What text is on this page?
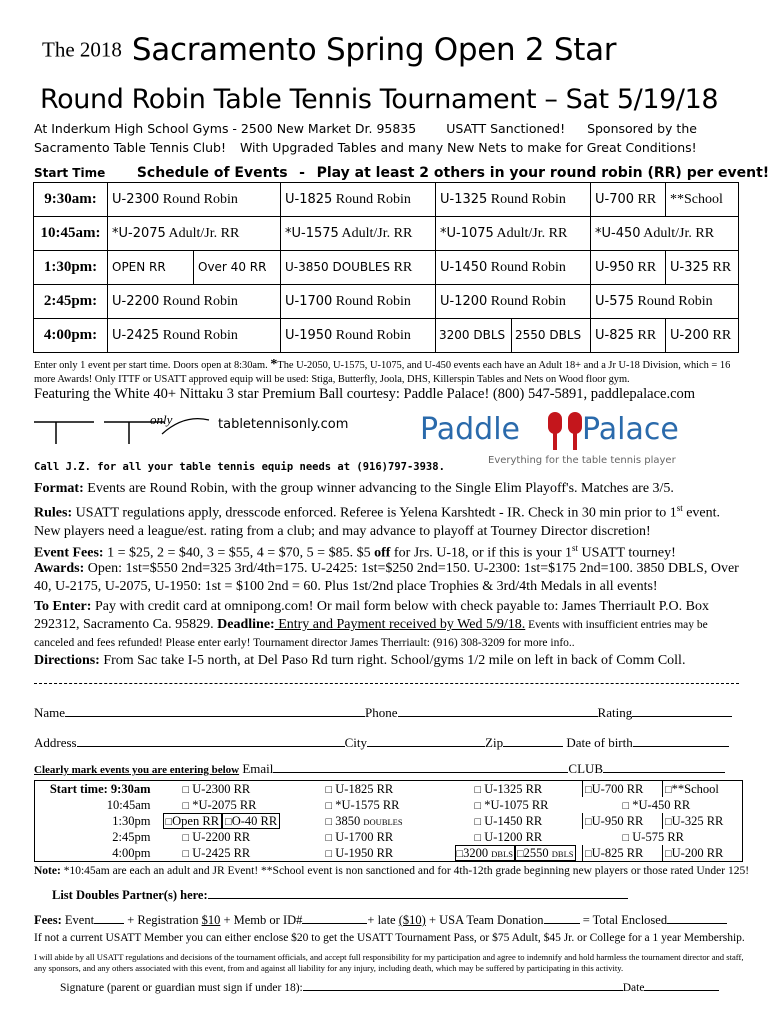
The 2018 Sacramento Spring Open 2 Star
Round Robin Table Tennis Tournament – Sat 5/19/18
At Inderkum High School Gyms - 2500 New Market Dr. 95835 USATT Sanctioned! Sponsored by the
Sacramento Table Tennis Club! With Upgraded Tables and many New Nets to make for Great Conditions!
Start Time Schedule of Events - Play at least 2 others in your round robin (RR) per event!
9:30am:	U-2300 Round Robin		U-1825 Round Robin	U-1325 Round Robin	U-700 RR	**School
10:45am:	*U-2075 Adult/Jr. RR		*U-1575 Adult/Jr. RR	*U-1075 Adult/Jr. RR	*U-450 Adult/Jr. RR	
1:30pm:	OPEN RR	Over 40 RR	U-3850 DOUBLES RR	U-1450 Round Robin	U-950 RR	U-325 RR
2:45pm:	U-2200 Round Robin		U-1700 Round Robin	U-1200 Round Robin	U-575 Round Robin	
4:00pm:	U-2425 Round Robin		U-1950 Round Robin	3200 DBLS 2550 DBLS	U-825 RR	U-200 RR
Enter only 1 event per start time. Doors open at 8:30am. *The U-2050, U-1575, U-1075, and U-450 events each have an Adult 18+ and a Jr U-18 Division, which = 16 more Awards! Only ITTF or USATT approved equip will be used: Stiga, Butterfly, Joola, DHS, Killerspin Tables and Nets on Wood floor gym.
Featuring the White 40+ Nittaku 3 star Premium Ball courtesy: Paddle Palace! (800) 547-5891, paddlepalace.com
only	tabletennisonly.com Paddle Palace
Everything for the table tennis player
Call J.Z. for all your table tennis equip needs at (916)797-3938.
Format: Events are Round Robin, with the group winner advancing to the Single Elim Playoff's. Matches are 3/5.
Rules: USATT regulations apply, dresscode enforced. Referee is Yelena Karshtedt - IR. Check in 30 min prior to 1st event. New players need a league/est. rating from a club; and may advance to playoff at Tourney Director discretion!
Event Fees: 1 = $25, 2 = $40, 3 = $55, 4 = $70, 5 = $85. $5 off for Jrs. U-18, or if this is your 1st USATT tourney!
Awards: Open: 1st=$550 2nd=325 3rd/4th=175. U-2425: 1st=$250 2nd=150. U-2300: 1st=$175 2nd=100. 3850 DBLS, Over 40, U-2175, U-2075, U-1950: 1st = $100 2nd = 60. Plus 1st/2nd place Trophies & 3rd/4th Medals in all events!
To Enter: Pay with credit card at omnipong.com! Or mail form below with check payable to: James Therriault P.O. Box 292312, Sacramento Ca. 95829. Deadline: Entry and Payment received by Wed 5/9/18. Events with insufficient entries may be canceled and fees refunded! Please enter early! Tournament director James Therriault: (916) 308-3209 for more info..
Directions: From Sac take I-5 north, at Del Paso Rd turn right. School/gyms 1/2 mile on left in back of Comm Coll.
Name	Phone	Rating
Address	City	Zip	Date of birth
Clearly mark events you are entering below Email	CLUB
Start time: 9:30am	□ U-2300 RR	□ U-1825 RR	□ U-1325 RR	□U-700 RR	□**School
10:45am	□ *U-2075 RR	□ *U-1575 RR	□ *U-1075 RR	□ *U-450 RR	
1:30pm	□Open RR □O-40 RR	□ 3850 DOUBLES	□ U-1450 RR	□U-950 RR	□U-325 RR
2:45pm	□ U-2200 RR	□ U-1700 RR	□ U-1200 RR	□ U-575 RR	
4:00pm	□ U-2425 RR	□ U-1950 RR	□3200 DBLS □2550 DBLS	□U-825 RR	□U-200 RR
Note: *10:45am are each an adult and JR Event! **School event is non sanctioned and for 4th-12th grade beginning new players or those rated Under 125!
List Doubles Partner(s) here:
Fees: Event + Registration $10 + Memb or ID#	+ late ($10) + USA Team Donation	= Total Enclosed
If not a current USATT Member you can either enclose $20 to get the USATT Tournament Pass, or $75 Adult, $45 Jr. or College for a 1 year Membership.
I will abide by all USATT regulations and decisions of the tournament officials, and accept full responsibility for my participation and agree to indemnify and hold harmless the tournament director and staff, any sponsors, and any others associated with this event, from and against all liability for any injury, including death, which may be suffered by participating in this activity.
Signature (parent or guardian must sign if under 18):	Date
